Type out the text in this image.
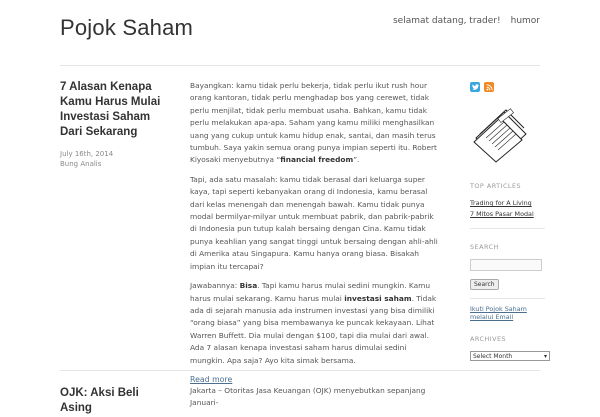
Pojok Saham	selamat datang, trader! humor
7 Alasan Kenapa Kamu Harus Mulai Investasi Saham Dari Sekarang
July 16th, 2014
Bung Analis

Bayangkan: kamu tidak perlu bekerja, tidak perlu ikut rush hour orang kantoran, tidak perlu menghadap bos yang cerewet, tidak perlu menjilat, tidak perlu membuat usaha. Bahkan, kamu tidak perlu melakukan apa-apa. Saham yang kamu miliki menghasilkan uang yang cukup untuk kamu hidup enak, santai, dan masih terus tumbuh. Saya yakin semua orang punya impian seperti itu. Robert Kiyosaki menyebutnya “financial freedom”.

Tapi, ada satu masalah: kamu tidak berasal dari keluarga super kaya, tapi seperti kebanyakan orang di Indonesia, kamu berasal dari kelas menengah dan menengah bawah. Kamu tidak punya modal bermilyar-milyar untuk membuat pabrik, dan pabrik-pabrik di Indonesia pun tutup kalah bersaing dengan Cina. Kamu tidak punya keahlian yang sangat tinggi untuk bersaing dengan ahli-ahli di Amerika atau Singapura. Kamu hanya orang biasa. Bisakah impian itu tercapai?

Jawabannya: Bisa. Tapi kamu harus mulai sedini mungkin. Kamu harus mulai sekarang. Kamu harus mulai investasi saham. Tidak ada di sejarah manusia ada instrumen investasi yang bisa dimiliki “orang biasa” yang bisa membawanya ke puncak kekayaan. Lihat Warren Buffett. Dia mulai dengan $100, tapi dia mulai dari awal. Ada 7 alasan kenapa investasi saham harus dimulai sedini mungkin. Apa saja? Ayo kita simak bersama.

Read more
OJK: Aksi Beli Asing

Jakarta – Otoritas Jasa Keuangan (OJK) menyebutkan sepanjang Januari-

TOP ARTICLES
Trading for A Living
7 Mitos Pasar Modal
SEARCH
Search
Ikuti Pojok Saham melalui Email
ARCHIVES
Select Month	▾
